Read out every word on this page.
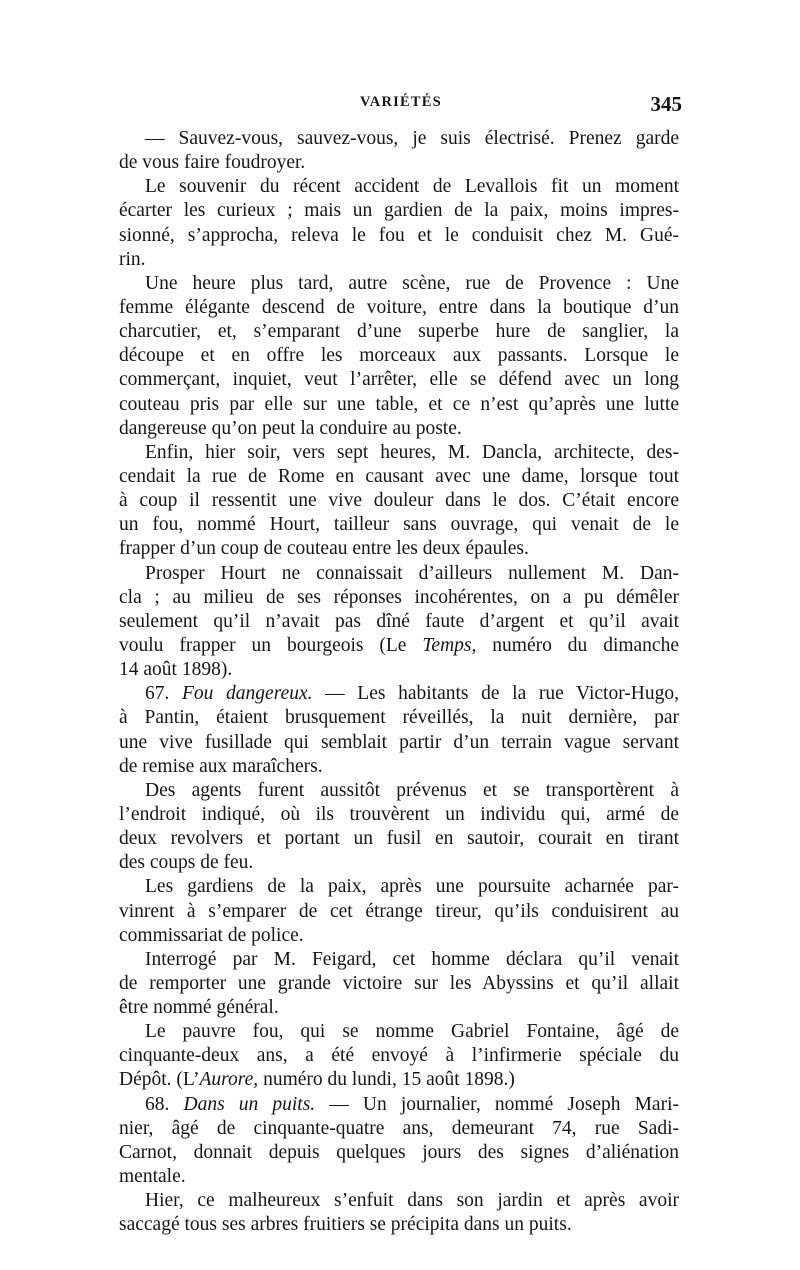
VARIÉTÉS	345
— Sauvez-vous, sauvez-vous, je suis électrisé. Prenez garde
de vous faire foudroyer.
Le souvenir du récent accident de Levallois fit un moment
écarter les curieux ; mais un gardien de la paix, moins impres-
sionné, s’approcha, releva le fou et le conduisit chez M. Gué-
rin.
Une heure plus tard, autre scène, rue de Provence : Une
femme élégante descend de voiture, entre dans la boutique d’un
charcutier, et, s’emparant d’une superbe hure de sanglier, la
découpe et en offre les morceaux aux passants. Lorsque le
commerçant, inquiet, veut l’arrêter, elle se défend avec un long
couteau pris par elle sur une table, et ce n’est qu’après une lutte
dangereuse qu’on peut la conduire au poste.
Enfin, hier soir, vers sept heures, M. Dancla, architecte, des-
cendait la rue de Rome en causant avec une dame, lorsque tout
à coup il ressentit une vive douleur dans le dos. C’était encore
un fou, nommé Hourt, tailleur sans ouvrage, qui venait de le
frapper d’un coup de couteau entre les deux épaules.
Prosper Hourt ne connaissait d’ailleurs nullement M. Dan-
cla ; au milieu de ses réponses incohérentes, on a pu démêler
seulement qu’il n’avait pas dîné faute d’argent et qu’il avait
voulu frapper un bourgeois (Le Temps, numéro du dimanche
14 août 1898).
67. Fou dangereux. — Les habitants de la rue Victor-Hugo,
à Pantin, étaient brusquement réveillés, la nuit dernière, par
une vive fusillade qui semblait partir d’un terrain vague servant
de remise aux maraîchers.
Des agents furent aussitôt prévenus et se transportèrent à
l’endroit indiqué, où ils trouvèrent un individu qui, armé de
deux revolvers et portant un fusil en sautoir, courait en tirant
des coups de feu.
Les gardiens de la paix, après une poursuite acharnée par-
vinrent à s’emparer de cet étrange tireur, qu’ils conduisirent au
commissariat de police.
Interrogé par M. Feigard, cet homme déclara qu’il venait
de remporter une grande victoire sur les Abyssins et qu’il allait
être nommé général.
Le pauvre fou, qui se nomme Gabriel Fontaine, âgé de
cinquante-deux ans, a été envoyé à l’infirmerie spéciale du
Dépôt. (L’Aurore, numéro du lundi, 15 août 1898.)
68. Dans un puits. — Un journalier, nommé Joseph Mari-
nier, âgé de cinquante-quatre ans, demeurant 74, rue Sadi-
Carnot, donnait depuis quelques jours des signes d’aliénation
mentale.
Hier, ce malheureux s’enfuit dans son jardin et après avoir
saccagé tous ses arbres fruitiers se précipita dans un puits.
